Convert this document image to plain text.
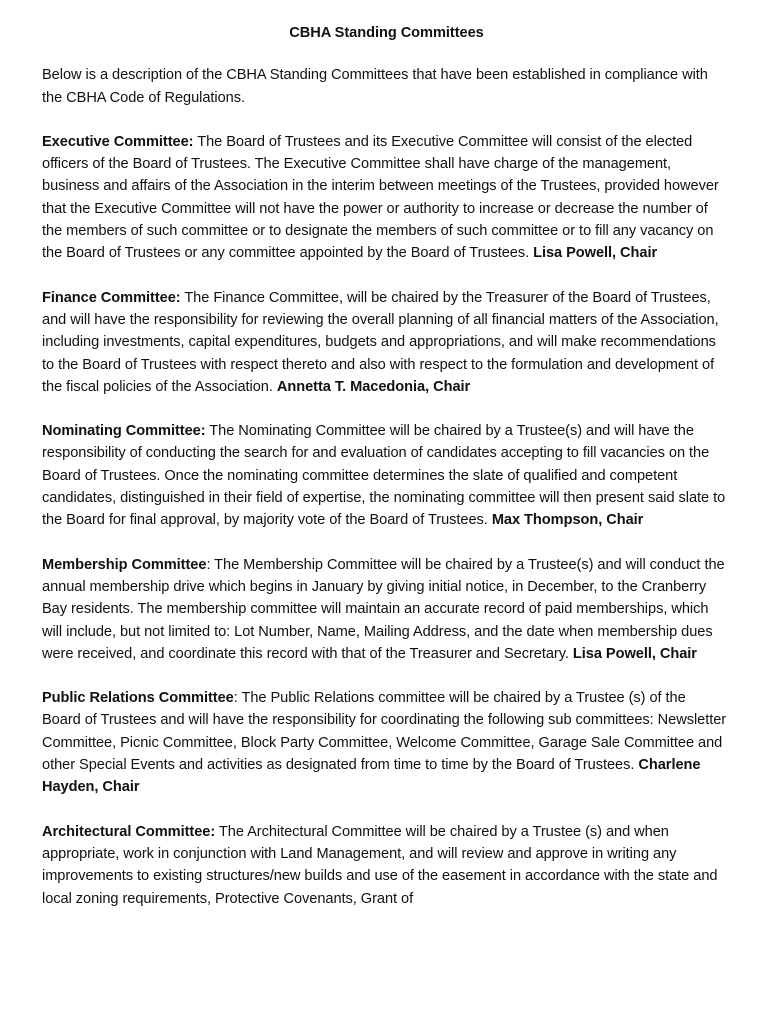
CBHA Standing Committees
Below is a description of the CBHA Standing Committees that have been established in compliance with the CBHA Code of Regulations.
Executive Committee: The Board of Trustees and its Executive Committee will consist of the elected officers of the Board of Trustees. The Executive Committee shall have charge of the management, business and affairs of the Association in the interim between meetings of the Trustees, provided however that the Executive Committee will not have the power or authority to increase or decrease the number of the members of such committee or to designate the members of such committee or to fill any vacancy on the Board of Trustees or any committee appointed by the Board of Trustees. Lisa Powell, Chair
Finance Committee: The Finance Committee, will be chaired by the Treasurer of the Board of Trustees, and will have the responsibility for reviewing the overall planning of all financial matters of the Association, including investments, capital expenditures, budgets and appropriations, and will make recommendations to the Board of Trustees with respect thereto and also with respect to the formulation and development of the fiscal policies of the Association. Annetta T. Macedonia, Chair
Nominating Committee: The Nominating Committee will be chaired by a Trustee(s) and will have the responsibility of conducting the search for and evaluation of candidates accepting to fill vacancies on the Board of Trustees. Once the nominating committee determines the slate of qualified and competent candidates, distinguished in their field of expertise, the nominating committee will then present said slate to the Board for final approval, by majority vote of the Board of Trustees. Max Thompson, Chair
Membership Committee: The Membership Committee will be chaired by a Trustee(s) and will conduct the annual membership drive which begins in January by giving initial notice, in December, to the Cranberry Bay residents. The membership committee will maintain an accurate record of paid memberships, which will include, but not limited to: Lot Number, Name, Mailing Address, and the date when membership dues were received, and coordinate this record with that of the Treasurer and Secretary. Lisa Powell, Chair
Public Relations Committee: The Public Relations committee will be chaired by a Trustee (s) of the Board of Trustees and will have the responsibility for coordinating the following sub committees: Newsletter Committee, Picnic Committee, Block Party Committee, Welcome Committee, Garage Sale Committee and other Special Events and activities as designated from time to time by the Board of Trustees. Charlene Hayden, Chair
Architectural Committee: The Architectural Committee will be chaired by a Trustee (s) and when appropriate, work in conjunction with Land Management, and will review and approve in writing any improvements to existing structures/new builds and use of the easement in accordance with the state and local zoning requirements, Protective Covenants, Grant of
